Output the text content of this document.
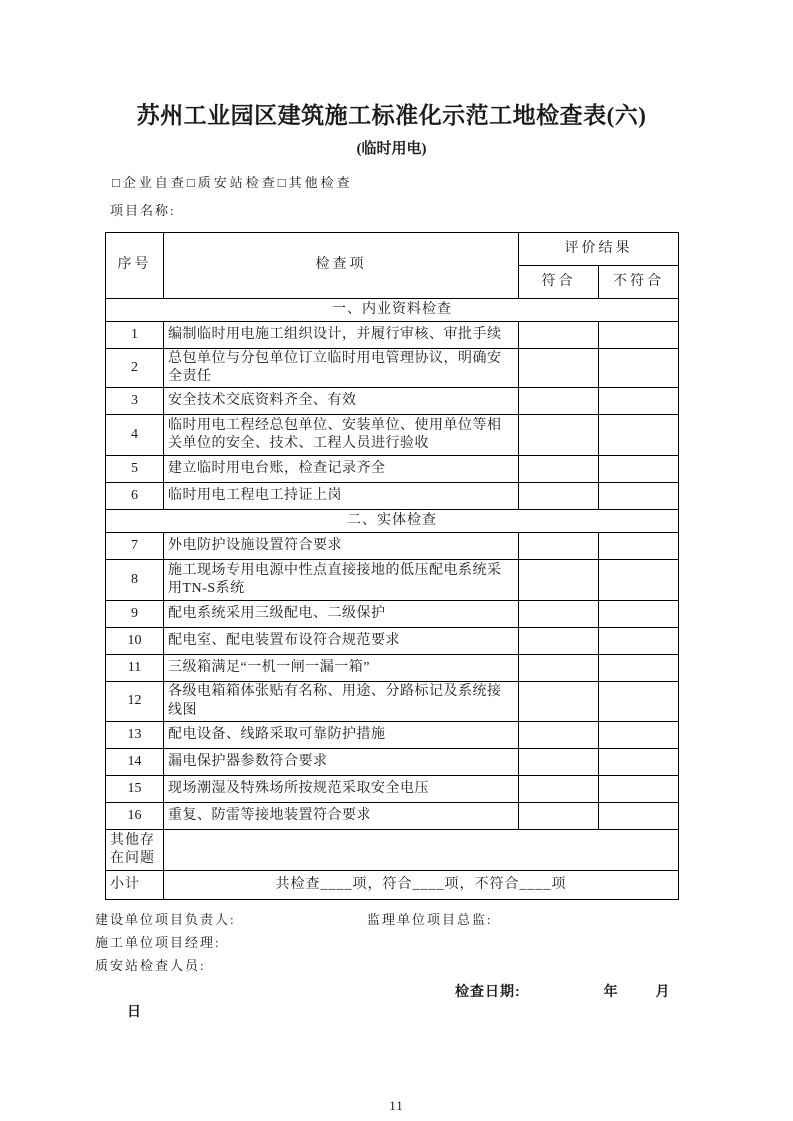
苏州工业园区建筑施工标准化示范工地检查表(六)
(临时用电)
□企业自查□质安站检查□其他检查
项目名称:
序号	检查项	评价结果	
		符合	不符合
一、内业资料检查			
1	编制临时用电施工组织设计，并履行审核、审批手续		
2	总包单位与分包单位订立临时用电管理协议，明确安全责任		
3	安全技术交底资料齐全、有效		
4	临时用电工程经总包单位、安装单位、使用单位等相关单位的安全、技术、工程人员进行验收		
5	建立临时用电台账，检查记录齐全		
6	临时用电工程电工持证上岗		
二、实体检查			
7	外电防护设施设置符合要求		
8	施工现场专用电源中性点直接接地的低压配电系统采用TN-S系统		
9	配电系统采用三级配电、二级保护		
10	配电室、配电装置布设符合规范要求		
11	三级箱满足“一机一闸一漏一箱”		
12	各级电箱箱体张贴有名称、用途、分路标记及系统接线图		
13	配电设备、线路采取可靠防护措施		
14	漏电保护器参数符合要求		
15	现场潮湿及特殊场所按规范采取安全电压		
16	重复、防雷等接地装置符合要求		
其他存在问题			
小计	共检查____项，符合____项，不符合____项		
建设单位项目负责人:	监理单位项目总监:
施工单位项目经理:
质安站检查人员:
检查日期:	年	月 日
11
